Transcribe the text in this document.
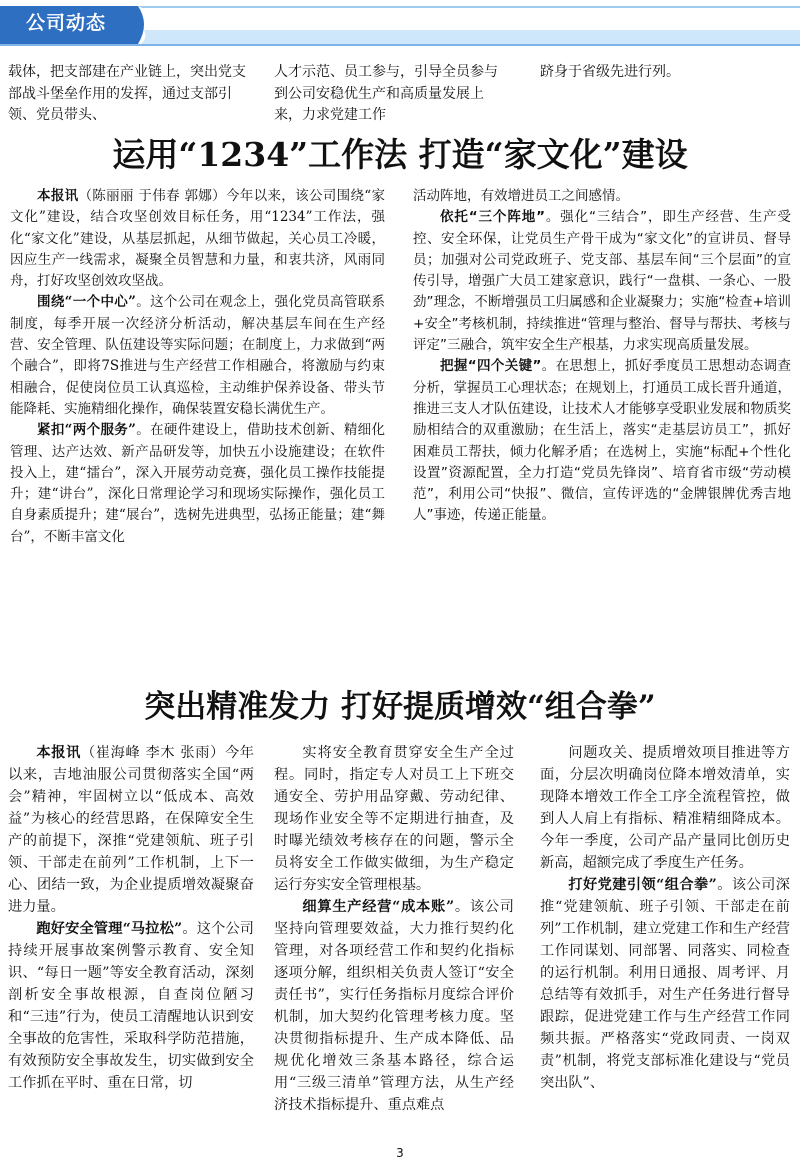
公司动态

载体，把支部建在产业链上，突出党支部战斗堡垒作用的发挥，通过支部引领、党员带头、

人才示范、员工参与，引导全员参与到公司安稳优生产和高质量发展上来，力求党建工作

跻身于省级先进行列。

运用“1234”工作法 打造“家文化”建设

本报讯（陈丽丽 于伟春 郭娜）今年以来，该公司围绕“家文化”建设，结合攻坚创效目标任务，用“1234”工作法，强化“家文化”建设，从基层抓起，从细节做起，关心员工冷暖，因应生产一线需求，凝聚全员智慧和力量，和衷共济，风雨同舟，打好攻坚创效攻坚战。

围绕“一个中心”。这个公司在观念上，强化党员高管联系制度，每季开展一次经济分析活动，解决基层车间在生产经营、安全管理、队伍建设等实际问题；在制度上，力求做到“两个融合”，即将7S推进与生产经营工作相融合，将激励与约束相融合，促使岗位员工认真巡检，主动维护保养设备、带头节能降耗、实施精细化操作，确保装置安稳长满优生产。

紧扣“两个服务”。在硬件建设上，借助技术创新、精细化管理、达产达效、新产品研发等，加快五小设施建设；在软件投入上，建“擂台”，深入开展劳动竞赛，强化员工操作技能提升；建“讲台”，深化日常理论学习和现场实际操作，强化员工自身素质提升；建“展台”，选树先进典型，弘扬正能量；建“舞台”，不断丰富文化

活动阵地，有效增进员工之间感情。

依托“三个阵地”。强化“三结合”，即生产经营、生产受控、安全环保，让党员生产骨干成为“家文化”的宣讲员、督导员；加强对公司党政班子、党支部、基层车间“三个层面”的宣传引导，增强广大员工建家意识，践行“一盘棋、一条心、一股劲”理念，不断增强员工归属感和企业凝聚力；实施“检查+培训+安全”考核机制，持续推进“管理与整治、督导与帮扶、考核与评定”三融合，筑牢安全生产根基，力求实现高质量发展。

把握“四个关键”。在思想上，抓好季度员工思想动态调查分析，掌握员工心理状态；在规划上，打通员工成长晋升通道，推进三支人才队伍建设，让技术人才能够享受职业发展和物质奖励相结合的双重激励；在生活上，落实“走基层访员工”，抓好困难员工帮扶，倾力化解矛盾；在选树上，实施“标配+个性化设置”资源配置，全力打造“党员先锋岗”、培育省市级“劳动模范”，利用公司“快报”、微信，宣传评选的“金牌银牌优秀吉地人”事迹，传递正能量。

突出精准发力 打好提质增效“组合拳”

本报讯（崔海峰 李木 张雨）今年以来，吉地油服公司贯彻落实全国“两会”精神，牢固树立以“低成本、高效益”为核心的经营思路，在保障安全生产的前提下，深推“党建领航、班子引领、干部走在前列”工作机制，上下一心、团结一致，为企业提质增效凝聚奋进力量。

跑好安全管理“马拉松”。这个公司持续开展事故案例警示教育、安全知识、“每日一题”等安全教育活动，深刻剖析安全事故根源，自查岗位陋习和“三违”行为，使员工清醒地认识到安全事故的危害性，采取科学防范措施，有效预防安全事故发生，切实做到安全工作抓在平时、重在日常，切

实将安全教育贯穿安全生产全过程。同时，指定专人对员工上下班交通安全、劳护用品穿戴、劳动纪律、现场作业安全等不定期进行抽查，及时曝光绩效考核存在的问题，警示全员将安全工作做实做细，为生产稳定运行夯实安全管理根基。

细算生产经营“成本账”。该公司坚持向管理要效益，大力推行契约化管理，对各项经营工作和契约化指标逐项分解，组织相关负责人签订“安全责任书”，实行任务指标月度综合评价机制，加大契约化管理考核力度。坚决贯彻指标提升、生产成本降低、品规优化增效三条基本路径，综合运用“三级三清单”管理方法，从生产经济技术指标提升、重点难点

问题攻关、提质增效项目推进等方面，分层次明确岗位降本增效清单，实现降本增效工作全工序全流程管控，做到人人肩上有指标、精准精细降成本。今年一季度，公司产品产量同比创历史新高，超额完成了季度生产任务。

打好党建引领“组合拳”。该公司深推“党建领航、班子引领、干部走在前列”工作机制，建立党建工作和生产经营工作同谋划、同部署、同落实、同检查的运行机制。利用日通报、周考评、月总结等有效抓手，对生产任务进行督导跟踪，促进党建工作与生产经营工作同频共振。严格落实“党政同责、一岗双责”机制，将党支部标准化建设与“党员突出队”、

3
